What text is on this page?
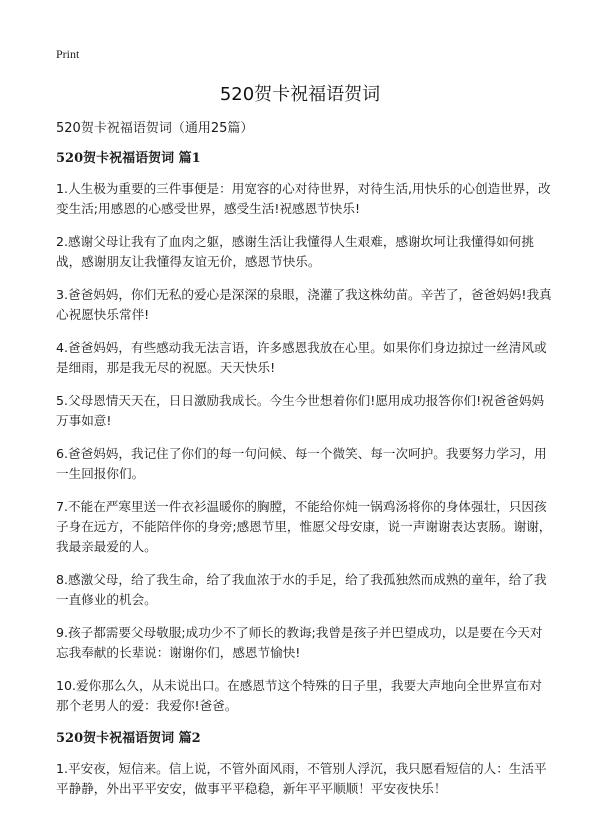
Print
520贺卡祝福语贺词

520贺卡祝福语贺词（通用25篇）

520贺卡祝福语贺词 篇1

1.人生极为重要的三件事便是：用宽容的心对待世界，对待生活,用快乐的心创造世界，改变生活;用感恩的心感受世界，感受生活!祝感恩节快乐!

2.感谢父母让我有了血肉之躯，感谢生活让我懂得人生艰难，感谢坎坷让我懂得如何挑战，感谢朋友让我懂得友谊无价，感恩节快乐。

3.爸爸妈妈，你们无私的爱心是深深的泉眼，浇灌了我这株幼苗。辛苦了，爸爸妈妈!我真心祝愿快乐常伴!

4.爸爸妈妈，有些感动我无法言语，许多感恩我放在心里。如果你们身边掠过一丝清风或是细雨，那是我无尽的祝愿。天天快乐!

5.父母恩情天天在，日日激励我成长。今生今世想着你们!愿用成功报答你们!祝爸爸妈妈万事如意!

6.爸爸妈妈，我记住了你们的每一句问候、每一个微笑、每一次呵护。我要努力学习，用一生回报你们。

7.不能在严寒里送一件衣衫温暖你的胸膛，不能给你炖一锅鸡汤将你的身体强壮，只因孩子身在远方，不能陪伴你的身旁;感恩节里，惟愿父母安康，说一声谢谢表达衷肠。谢谢，我最亲最爱的人。

8.感激父母，给了我生命，给了我血浓于水的手足，给了我孤独然而成熟的童年，给了我一直修业的机会。

9.孩子都需要父母敬服;成功少不了师长的教诲;我曾是孩子并巴望成功，以是要在今天对忘我奉献的长辈说：谢谢你们，感恩节愉快!

10.爱你那么久，从未说出口。在感恩节这个特殊的日子里，我要大声地向全世界宣布对那个老男人的爱：我爱你!爸爸。

520贺卡祝福语贺词 篇2

1.平安夜，短信来。信上说，不管外面风雨，不管别人浮沉，我只愿看短信的人：生活平平静静，外出平平安安，做事平平稳稳，新年平平顺顺！平安夜快乐！
